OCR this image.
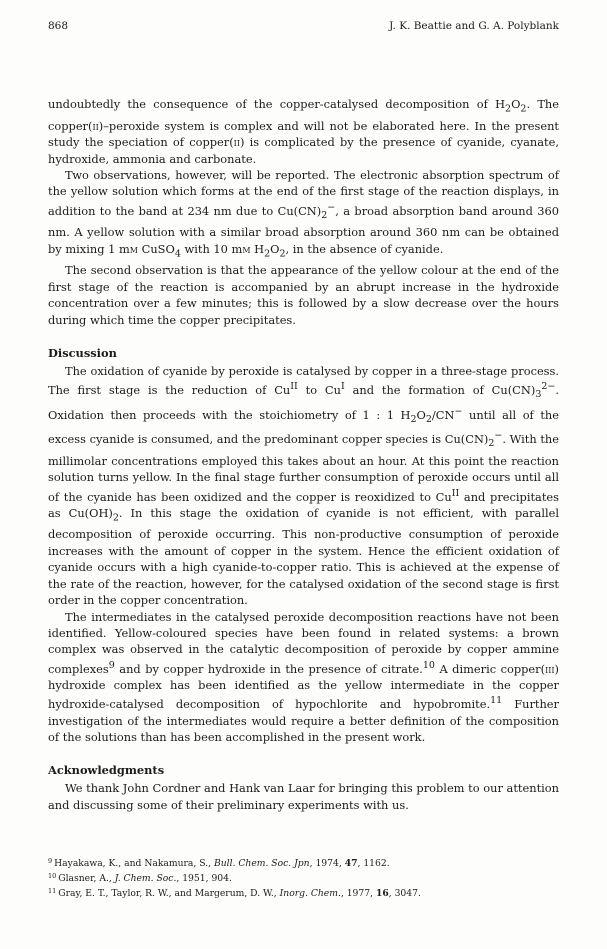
868	J. K. Beattie and G. A. Polyblank

undoubtedly the consequence of the copper-catalysed decomposition of $H_2O_2$. The copper(ii)–peroxide system is complex and will not be elaborated here. In the present study the speciation of copper(ii) is complicated by the presence of cyanide, cyanate, hydroxide, ammonia and carbonate.

Two observations, however, will be reported. The electronic absorption spectrum of the yellow solution which forms at the end of the first stage of the reaction displays, in addition to the band at 234 nm due to $Cu(CN)_2^-$, a broad absorption band around 360 nm. A yellow solution with a similar broad absorption around 360 nm can be obtained by mixing 1 mm CuSO$_4$ with 10 mm $H_2O_2$, in the absence of cyanide.

The second observation is that the appearance of the yellow colour at the end of the first stage of the reaction is accompanied by an abrupt increase in the hydroxide concentration over a few minutes; this is followed by a slow decrease over the hours during which time the copper precipitates.

Discussion

The oxidation of cyanide by peroxide is catalysed by copper in a three-stage process. The first stage is the reduction of $Cu^{II}$ to $Cu^I$ and the formation of $Cu(CN)_3^{2-}$. Oxidation then proceeds with the stoichiometry of 1 : 1 $H_2O_2/CN^-$ until all of the excess cyanide is consumed, and the predominant copper species is $Cu(CN)_2^-$. With the millimolar concentrations employed this takes about an hour. At this point the reaction solution turns yellow. In the final stage further consumption of peroxide occurs until all of the cyanide has been oxidized and the copper is reoxidized to $Cu^{II}$ and precipitates as $Cu(OH)_2$. In this stage the oxidation of cyanide is not efficient, with parallel decomposition of peroxide occurring. This non-productive consumption of peroxide increases with the amount of copper in the system. Hence the efficient oxidation of cyanide occurs with a high cyanide-to-copper ratio. This is achieved at the expense of the rate of the reaction, however, for the catalysed oxidation of the second stage is first order in the copper concentration.

The intermediates in the catalysed peroxide decomposition reactions have not been identified. Yellow-coloured species have been found in related systems: a brown complex was observed in the catalytic decomposition of peroxide by copper ammine complexes$^9$ and by copper hydroxide in the presence of citrate.$^{10}$ A dimeric copper(iii) hydroxide complex has been identified as the yellow intermediate in the copper hydroxide-catalysed decomposition of hypochlorite and hypobromite.$^{11}$ Further investigation of the intermediates would require a better definition of the composition of the solutions than has been accomplished in the present work.

Acknowledgments

We thank John Cordner and Hank van Laar for bringing this problem to our attention and discussing some of their preliminary experiments with us.

$^9$ Hayakawa, K., and Nakamura, S., Bull. Chem. Soc. Jpn, 1974, 47, 1162.
$^{10}$ Glasner, A., J. Chem. Soc., 1951, 904.
$^{11}$ Gray, E. T., Taylor, R. W., and Margerum, D. W., Inorg. Chem., 1977, 16, 3047.
